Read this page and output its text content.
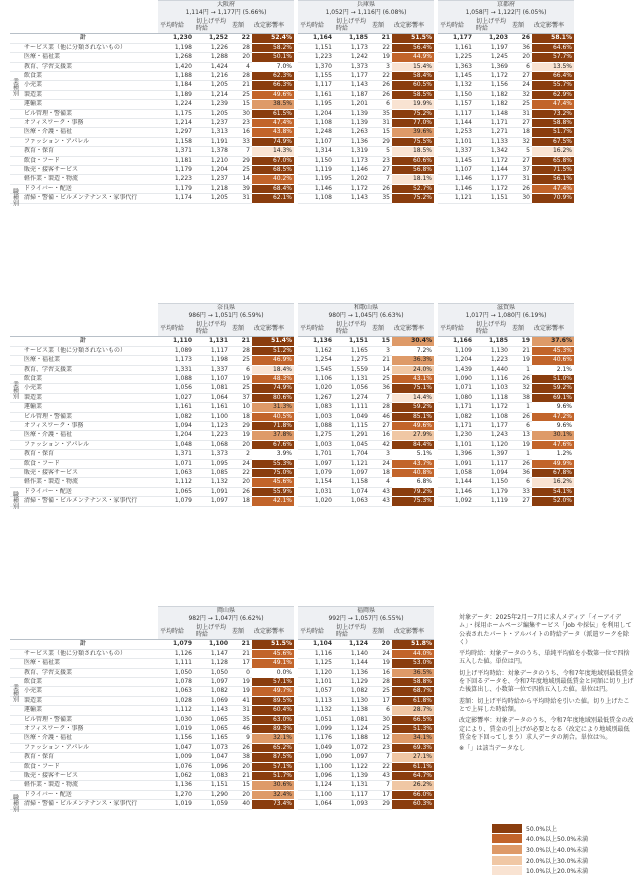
	大阪府					兵庫県					京都府			
	1,114円 → 1,177円 (5.66%)					1,052円 → 1,116円 (6.08%)					1,058円 → 1,122円 (6.05%)			
	平均時給	切上げ平均時給	差額	改定影響率		平均時給	切上げ平均時給	差額	改定影響率		平均時給	切上げ平均時給	差額	改定影響率
計	1,230	1,252	22	52.4%		1,164	1,185	21	51.5%		1,177	1,203	26	58.1%
サービス業（他に分類されないもの）	1,198	1,226	28	58.2%		1,151	1,173	22	56.4%		1,161	1,197	36	64.6%
医療・福祉業	1,268	1,288	20	50.1%		1,223	1,242	19	44.9%		1,225	1,245	20	57.7%
教育、学習支援業	1,420	1,424	4	7.0%		1,370	1,373	3	15.4%		1,363	1,369	6	13.5%
飲食業	1,188	1,216	28	62.3%		1,155	1,177	22	58.4%		1,145	1,172	27	66.4%
小売業	1,184	1,205	21	66.3%		1,117	1,143	26	60.5%		1,132	1,156	24	55.7%
製造業	1,189	1,214	25	49.6%		1,161	1,187	26	58.5%		1,150	1,182	32	62.9%
運輸業	1,224	1,239	15	38.5%		1,195	1,201	6	19.9%		1,157	1,182	25	47.4%
ビル管理・警備業	1,175	1,205	30	61.5%		1,204	1,139	35	75.2%		1,117	1,148	31	73.2%
オフィスワーク・事務	1,214	1,237	23	47.4%		1,108	1,139	31	77.0%		1,144	1,171	27	58.8%
医療・介護・福祉	1,297	1,313	16	43.8%		1,248	1,263	15	39.6%		1,253	1,271	18	51.7%
ファッション・アパレル	1,158	1,191	33	74.9%		1,107	1,136	29	75.5%		1,101	1,133	32	67.5%
教育・保育	1,371	1,378	7	14.3%		1,314	1,319	5	18.5%		1,337	1,342	5	16.2%
飲食・フード	1,181	1,210	29	67.0%		1,150	1,173	23	60.6%		1,145	1,172	27	65.8%
販売・接客サービス	1,179	1,204	25	68.5%		1,119	1,146	27	56.8%		1,107	1,144	37	71.5%
軽作業・製造・物流	1,223	1,237	14	40.2%		1,195	1,202	7	18.1%		1,146	1,177	31	56.1%
ドライバー・配送	1,179	1,218	39	68.4%		1,146	1,172	26	52.7%		1,146	1,172	26	47.4%
清掃・警備・ビルメンテナンス・家事代行	1,174	1,205	31	62.1%		1,108	1,143	35	75.2%		1,121	1,151	30	70.9%
業種別
職種別
	奈良県					和歌山県					滋賀県			
	986円 → 1,051円 (6.59%)					980円 → 1,045円 (6.63%)					1,017円 → 1,080円 (6.19%)			
	平均時給	切上げ平均時給	差額	改定影響率		平均時給	切上げ平均時給	差額	改定影響率		平均時給	切上げ平均時給	差額	改定影響率
計	1,110	1,131	21	51.4%		1,136	1,151	15	30.4%		1,166	1,185	19	37.6%
サービス業（他に分類されないもの）	1,089	1,117	28	51.2%		1,162	1,165	3	7.2%		1,109	1,130	21	45.3%
医療・福祉業	1,173	1,198	25	46.9%		1,254	1,275	21	36.3%		1,204	1,223	19	40.6%
教育、学習支援業	1,331	1,337	6	18.4%		1,545	1,559	14	24.0%		1,439	1,440	1	2.1%
飲食業	1,088	1,107	19	48.3%		1,106	1,131	25	43.1%		1,090	1,116	26	51.0%
小売業	1,056	1,081	25	74.9%		1,020	1,056	36	75.1%		1,071	1,103	32	59.2%
製造業	1,027	1,064	37	80.6%		1,267	1,274	7	14.4%		1,080	1,118	38	69.1%
運輸業	1,161	1,161	10	31.3%		1,083	1,111	28	59.2%		1,171	1,172	1	9.6%
ビル管理・警備業	1,082	1,100	18	40.5%		1,003	1,049	46	85.1%		1,082	1,108	26	47.2%
オフィスワーク・事務	1,094	1,123	29	71.8%		1,088	1,115	27	49.6%		1,171	1,177	6	9.6%
医療・介護・福祉	1,204	1,223	19	37.8%		1,275	1,291	16	27.9%		1,230	1,243	13	30.1%
ファッション・アパレル	1,048	1,068	20	67.6%		1,003	1,045	42	84.4%		1,101	1,120	19	47.6%
教育・保育	1,371	1,373	2	3.9%		1,701	1,704	3	5.1%		1,396	1,397	1	1.2%
飲食・フード	1,071	1,095	24	55.3%		1,097	1,121	24	43.7%		1,091	1,117	26	49.9%
販売・接客サービス	1,063	1,085	22	75.0%		1,079	1,097	18	40.8%		1,058	1,094	36	67.8%
軽作業・製造・物流	1,112	1,132	20	45.6%		1,154	1,158	4	6.8%		1,144	1,150	6	16.2%
ドライバー・配送	1,065	1,091	26	55.9%		1,031	1,074	43	79.2%		1,146	1,179	33	54.1%
清掃・警備・ビルメンテナンス・家事代行	1,079	1,097	18	42.1%		1,020	1,063	43	75.3%		1,092	1,119	27	52.0%
業種別
職種別
	岡山県					福岡県			
	982円 → 1,047円 (6.62%)					992円 → 1,057円 (6.55%)			
	平均時給	切上げ平均時給	差額	改定影響率		平均時給	切上げ平均時給	差額	改定影響率
計	1,079	1,100	21	51.5%		1,104	1,124	20	51.8%
サービス業（他に分類されないもの）	1,126	1,147	21	45.6%		1,116	1,140	24	44.0%
医療・福祉業	1,111	1,128	17	49.1%		1,125	1,144	19	53.0%
教育、学習支援業	1,050	1,050	0	0.0%		1,120	1,136	16	36.5%
飲食業	1,078	1,097	19	57.1%		1,101	1,129	28	58.8%
小売業	1,063	1,082	19	49.7%		1,057	1,082	25	68.7%
製造業	1,028	1,069	41	89.5%		1,113	1,130	17	61.8%
運輸業	1,112	1,143	31	60.4%		1,132	1,138	6	28.7%
ビル管理・警備業	1,030	1,065	35	63.0%		1,051	1,081	30	66.5%
オフィスワーク・事務	1,019	1,065	46	89.3%		1,099	1,124	25	51.3%
医療・介護・福祉	1,156	1,165	9	32.1%		1,176	1,188	12	34.1%
ファッション・アパレル	1,047	1,073	26	65.2%		1,049	1,072	23	69.3%
教育・保育	1,009	1,047	38	87.5%		1,090	1,097	7	27.1%
飲食・フード	1,076	1,096	20	57.1%		1,100	1,122	22	61.1%
販売・接客サービス	1,062	1,083	21	51.7%		1,096	1,139	43	64.7%
軽作業・製造・物流	1,136	1,151	15	30.6%		1,124	1,131	7	26.2%
ドライバー・配送	1,270	1,290	20	32.4%		1,100	1,117	17	66.0%
清掃・警備・ビルメンテナンス・家事代行	1,019	1,059	40	73.4%		1,064	1,093	29	60.3%
業種別
職種別

対象データ：2025年2月〜7月に求人メディア「イーアイデム」・採用ホームページ編集サービス「Job や採伝」を利用して公表されたパート・アルバイトの時給データ（派遣ワークを除く）

平均時給：対象データのうち、単純平均値を小数第一位で四捨五入した値。単位は円。

切上げ平均時給：対象データのうち、令和7年度地域別最低賃金を下回るデータを、令和7年度地域別最低賃金と同額に切り上げた後算出し、小数第一位で四捨五入した値。単位は円。

差額：切上げ平均時給から平均時給を引いた値。切り上げたことで上昇した時給額。

改定影響率：対象データのうち、令和7年度地域別最低賃金の改定により、賃金の引上げが必要となる（改定により地域別最低賃金を下回ってしまう）求人データの割合。単位は％。

※「」は該当データなし

50.0%以上
40.0%以上50.0%未満
30.0%以上40.0%未満
20.0%以上30.0%未満
10.0%以上20.0%未満
